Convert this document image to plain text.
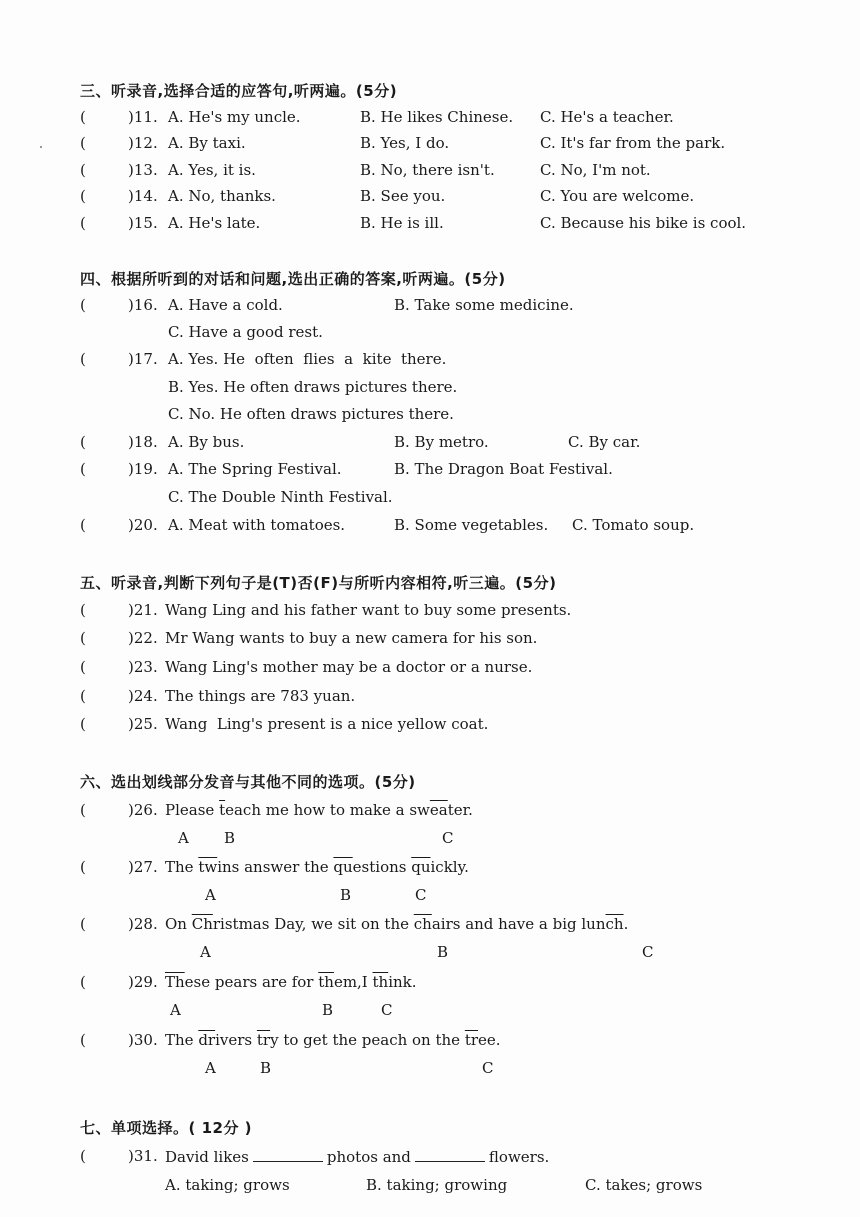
三、听录音,选择合适的应答句,听两遍。(5分)
(	)11. A. He's my uncle.	B. He likes Chinese. C. He's a teacher.
(	)12. A. By taxi.	B. Yes, I do.	C. It's far from the park.
(	)13. A. Yes, it is.	B. No, there isn't.	C. No, I'm not.
(	)14. A. No, thanks.	B. See you.	C. You are welcome.
(	)15. A. He's late.	B. He is ill.	C. Because his bike is cool.
四、根据所听到的对话和问题,选出正确的答案,听两遍。(5分)
(	)16. A. Have a cold.	B. Take some medicine.
C. Have a good rest.
(	)17. A. Yes. He  often  flies  a  kite  there.
B. Yes. He often draws pictures there.
C. No. He often draws pictures there.
(	)18. A. By bus.	B. By metro.	C. By car.
(	)19. A. The Spring Festival.	B. The Dragon Boat Festival.
C. The Double Ninth Festival.
(	)20. A. Meat with tomatoes.	B. Some vegetables. C. Tomato soup.
五、听录音,判断下列句子是(T)否(F)与所听内容相符,听三遍。(5分)
(	)21. Wang Ling and his father want to buy some presents.
(	)22. Mr Wang wants to buy a new camera for his son.
(	)23. Wang Ling's mother may be a doctor or a nurse.
(	)24. The things are 783 yuan.
(	)25. Wang  Ling's present is a nice yellow coat.
六、选出划线部分发音与其他不同的选项。(5分)
(	)26. Please $\overline{t}each$ me how to make a $sw\overline{ea}ter$.
A B	C
(	)27. The $\overline{tw}ins$ answer the $\overline{qu}estions$ $\overline{qu}ickly$.
A	B	C
(	)28. On $\overline{Ch}ristmas$ Day, we sit on the $\overline{ch}airs$ and have a big $lun\overline{ch}$.
A	B	C
(	)29. $\overline{Th}ese$ pears are for $\overline{th}em,I$ $\overline{th}ink$.
A	B	C
(	)30. The $\overline{dr}ivers$ $\overline{tr}y$ to get the peach on the $\overline{tr}ee$.
A	B	C
七、单项选择。( 12分 )
(	)31. David likes	photos and	flowers.
A. taking; grows	B. taking; growing	C. takes; grows
